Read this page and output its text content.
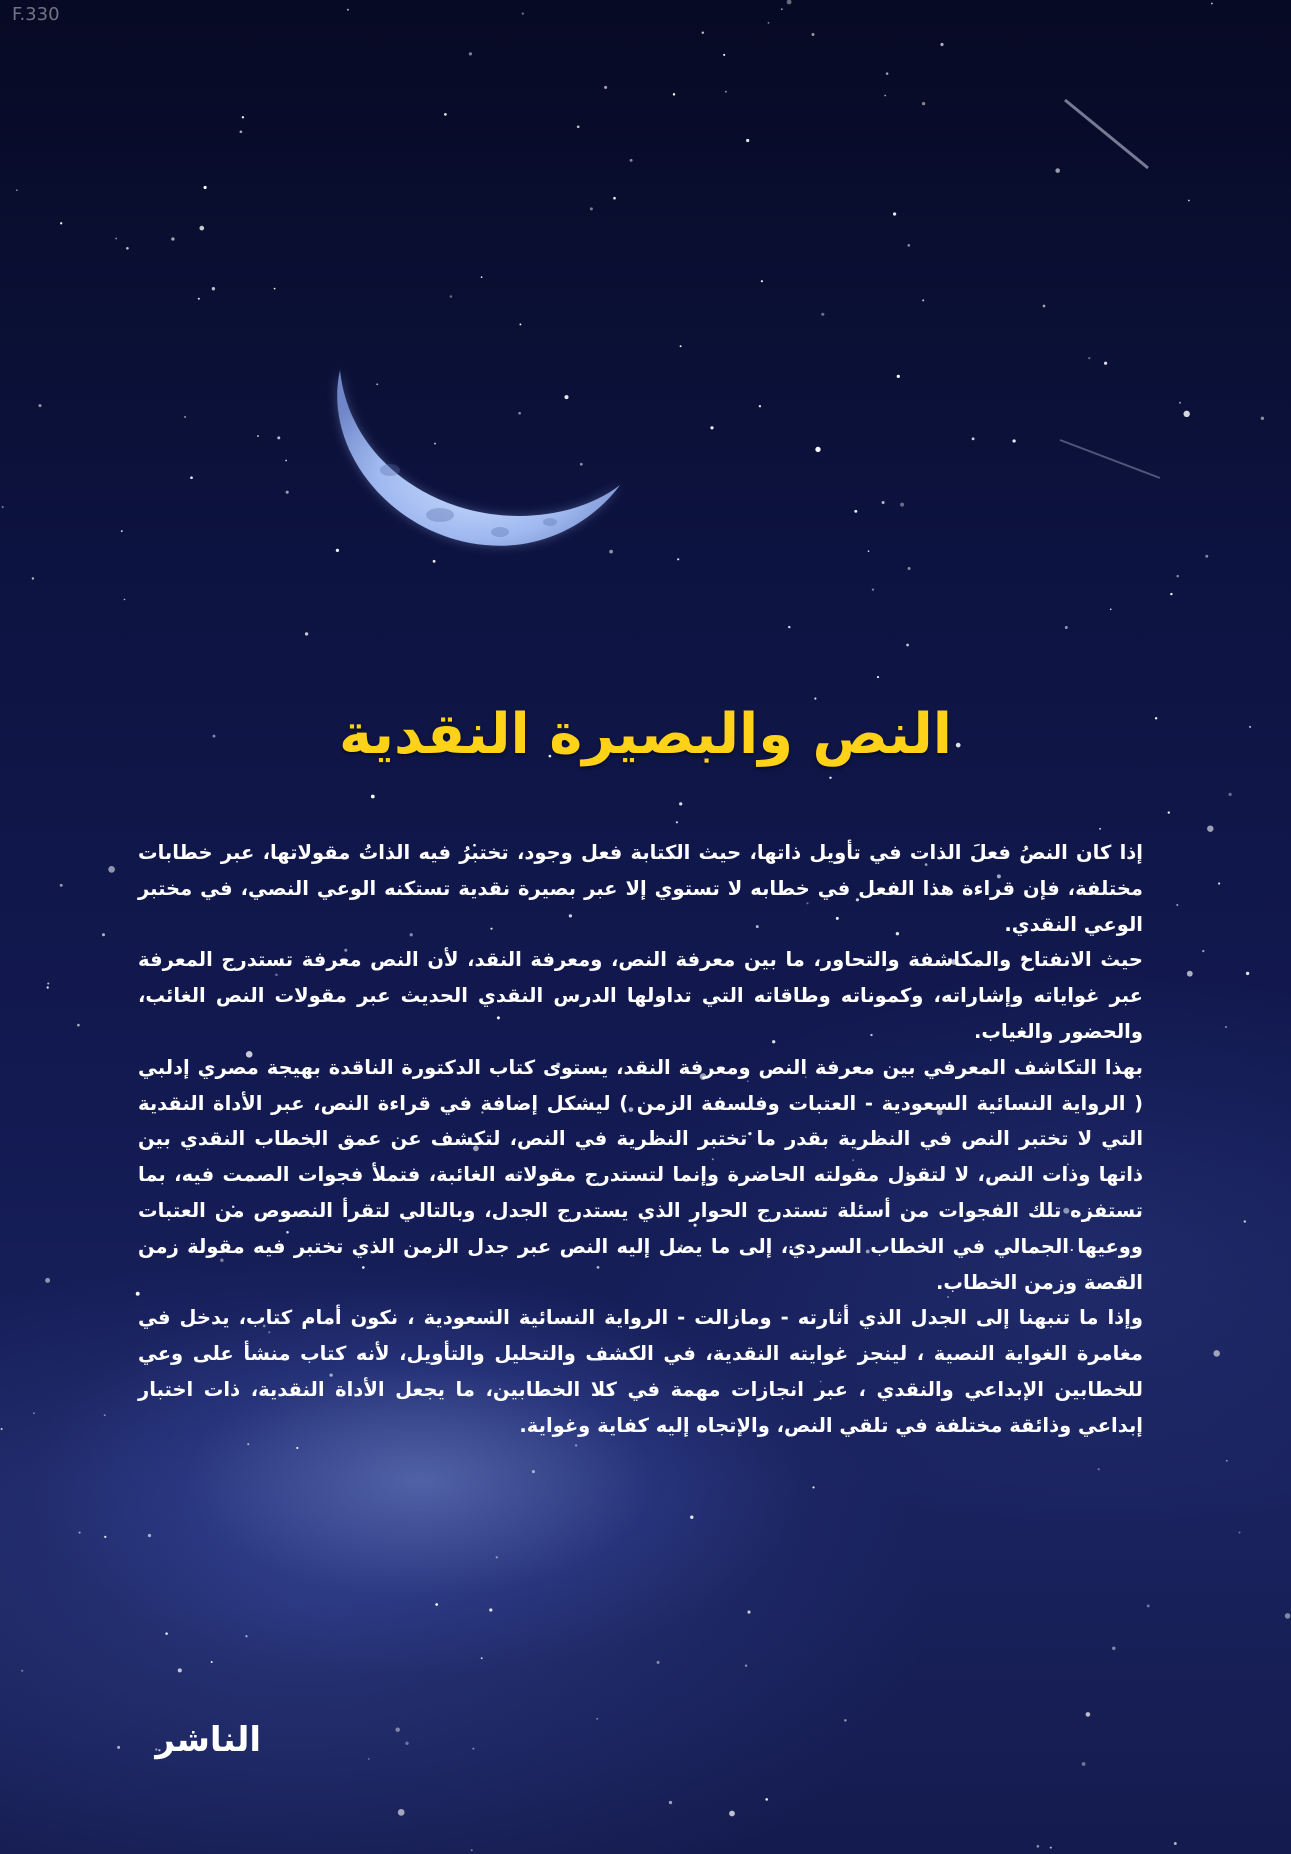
F.330
النص والبصيرة النقدية

إذا كان النصُ فعلَ الذات في تأويل ذاتها، حيث الكتابة فعل وجود، تختبرُ فيه الذاتُ مقولاتها، عبر خطابات مختلفة، فإن قراءة هذا الفعل في خطابه لا تستوي إلا عبر بصيرة نقدية تستكنه الوعي النصي، في مختبر الوعي النقدي.

حيث الانفتاح والمكاشفة والتحاور، ما بين معرفة النص، ومعرفة النقد، لأن النص معرفة تستدرج المعرفة عبر غواياته وإشاراته، وكموناته وطاقاته التي تداولها الدرس النقدي الحديث عبر مقولات النص الغائب، والحضور والغياب.

بهذا التكاشف المعرفي بين معرفة النص ومعرفة النقد، يستوى كتاب الدكتورة الناقدة بهيجة مصري إدلبي ( الرواية النسائية السعودية - العتبات وفلسفة الزمن ) ليشكل إضافة في قراءة النص، عبر الأداة النقدية التي لا تختبر النص في النظرية بقدر ما تختبر النظرية في النص، لتكشف عن عمق الخطاب النقدي بين ذاتها وذات النص، لا لتقول مقولته الحاضرة وإنما لتستدرج مقولاته الغائبة، فتملأ فجوات الصمت فيه، بما تستفزه تلك الفجوات من أسئلة تستدرج الحوار الذي يستدرج الجدل، وبالتالي لتقرأ النصوص من العتبات ووعيها الجمالي في الخطاب السردي، إلى ما يصل إليه النص عبر جدل الزمن الذي تختبر فيه مقولة زمن القصة وزمن الخطاب.

وإذا ما تنبهنا إلى الجدل الذي أثارته - ومازالت - الرواية النسائية السعودية ، نكون أمام كتاب، يدخل في مغامرة الغواية النصية ، لينجز غوايته النقدية، في الكشف والتحليل والتأويل، لأنه كتاب منشأ على وعي للخطابين الإبداعي والنقدي ، عبر انجازات مهمة في كلا الخطابين، ما يجعل الأداة النقدية، ذات اختبار إبداعي وذائقة مختلفة في تلقي النص، والإتجاه إليه كفاية وغواية.

الناشر
